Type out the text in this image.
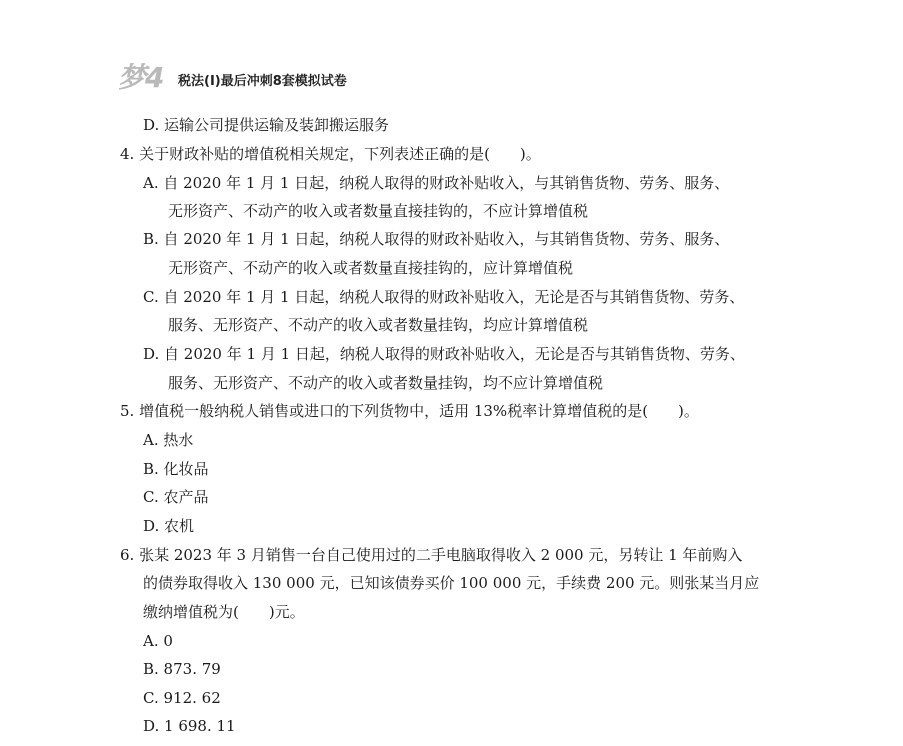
梦4 税法(Ⅰ)最后冲刺8套模拟试卷
D. 运输公司提供运输及装卸搬运服务
4. 关于财政补贴的增值税相关规定，下列表述正确的是(　　)。
A. 自 2020 年 1 月 1 日起，纳税人取得的财政补贴收入，与其销售货物、劳务、服务、
无形资产、不动产的收入或者数量直接挂钩的，不应计算增值税
B. 自 2020 年 1 月 1 日起，纳税人取得的财政补贴收入，与其销售货物、劳务、服务、
无形资产、不动产的收入或者数量直接挂钩的，应计算增值税
C. 自 2020 年 1 月 1 日起，纳税人取得的财政补贴收入，无论是否与其销售货物、劳务、
服务、无形资产、不动产的收入或者数量挂钩，均应计算增值税
D. 自 2020 年 1 月 1 日起，纳税人取得的财政补贴收入，无论是否与其销售货物、劳务、
服务、无形资产、不动产的收入或者数量挂钩，均不应计算增值税
5. 增值税一般纳税人销售或进口的下列货物中，适用 13%税率计算增值税的是(　　)。
A. 热水
B. 化妆品
C. 农产品
D. 农机
6. 张某 2023 年 3 月销售一台自己使用过的二手电脑取得收入 2 000 元，另转让 1 年前购入
的债券取得收入 130 000 元，已知该债券买价 100 000 元，手续费 200 元。则张某当月应
缴纳增值税为(　　)元。
A. 0
B. 873. 79
C. 912. 62
D. 1 698. 11
